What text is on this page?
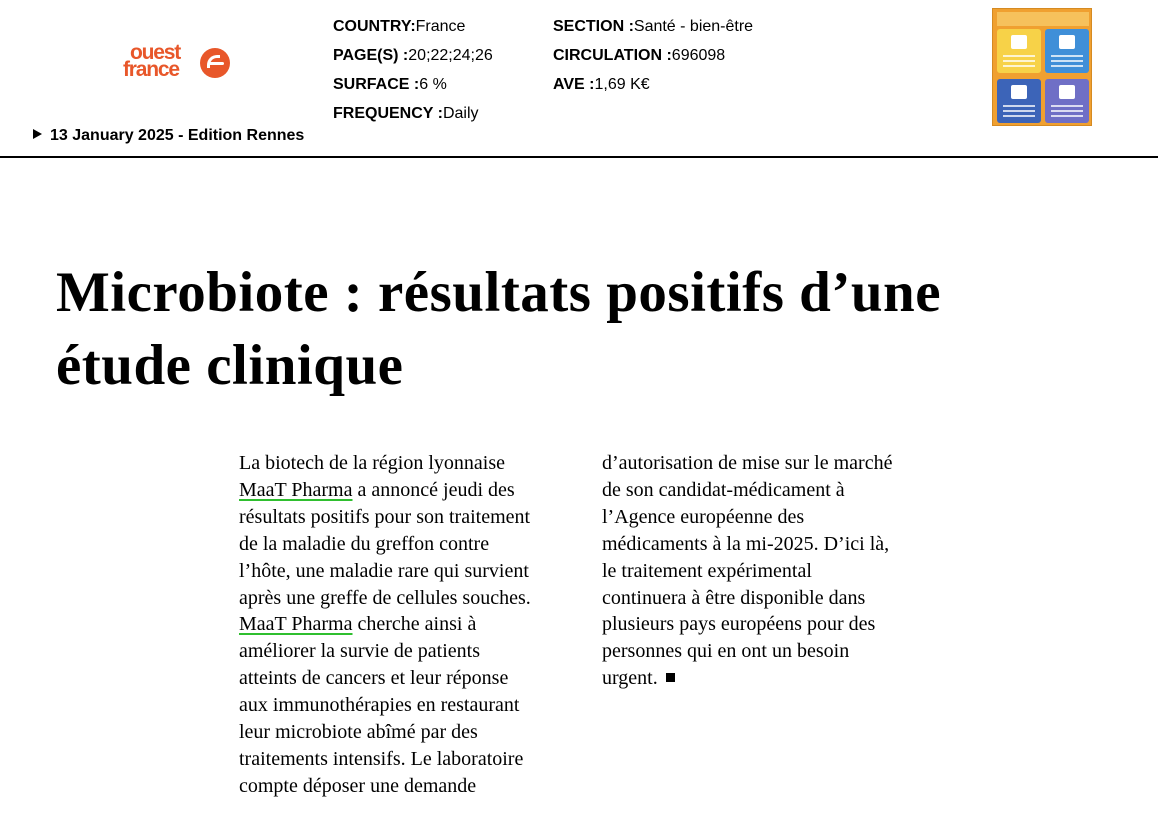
ouest
france
COUNTRY:France
PAGE(S) :20;22;24;26
SURFACE :6 %
FREQUENCY :Daily
SECTION :Santé - bien-être
CIRCULATION :696098
AVE :1,69 K€
13 January 2025 - Edition Rennes
Microbiote : résultats positifs d’une
étude clinique
La biotech de la région lyonnaise
MaaT Pharma a annoncé jeudi des
résultats positifs pour son traitement
de la maladie du greffon contre
l’hôte, une maladie rare qui survient
après une greffe de cellules souches.
MaaT Pharma cherche ainsi à
améliorer la survie de patients
atteints de cancers et leur réponse
aux immunothérapies en restaurant
leur microbiote abîmé par des
traitements intensifs. Le laboratoire
compte déposer une demande
d’autorisation de mise sur le marché
de son candidat-médicament à
l’Agence européenne des
médicaments à la mi-2025. D’ici là,
le traitement expérimental
continuera à être disponible dans
plusieurs pays européens pour des
personnes qui en ont un besoin
urgent.
